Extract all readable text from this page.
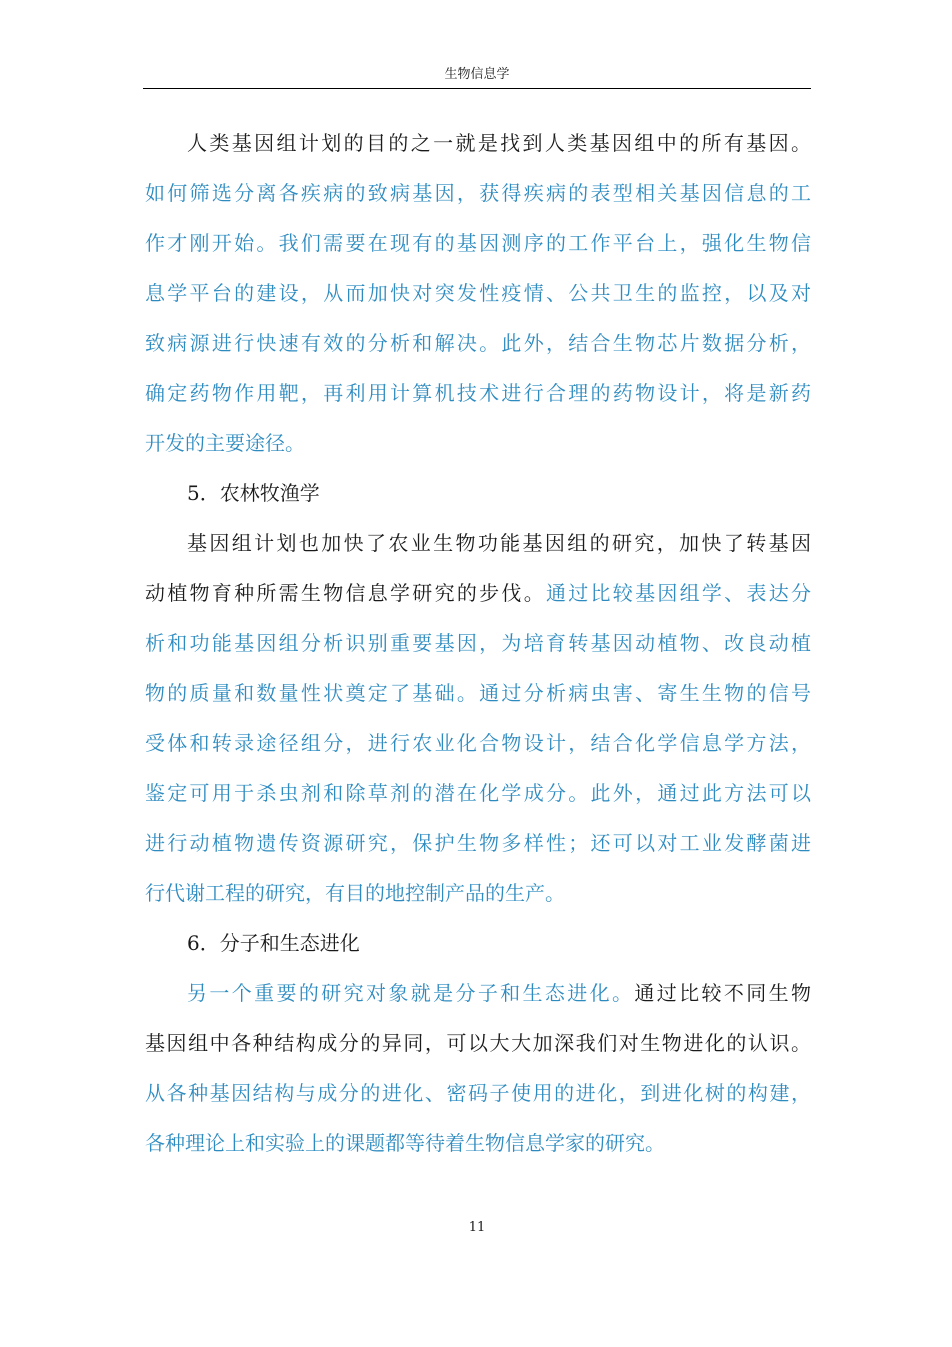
生物信息学
人类基因组计划的目的之一就是找到人类基因组中的所有基因。
如何筛选分离各疾病的致病基因，获得疾病的表型相关基因信息的工
作才刚开始。我们需要在现有的基因测序的工作平台上，强化生物信
息学平台的建设，从而加快对突发性疫情、公共卫生的监控，以及对
致病源进行快速有效的分析和解决。此外，结合生物芯片数据分析，
确定药物作用靶，再利用计算机技术进行合理的药物设计，将是新药
开发的主要途径。
5．农林牧渔学
基因组计划也加快了农业生物功能基因组的研究，加快了转基因
动植物育种所需生物信息学研究的步伐。通过比较基因组学、表达分
析和功能基因组分析识别重要基因，为培育转基因动植物、改良动植
物的质量和数量性状奠定了基础。通过分析病虫害、寄生生物的信号
受体和转录途径组分，进行农业化合物设计，结合化学信息学方法，
鉴定可用于杀虫剂和除草剂的潜在化学成分。此外，通过此方法可以
进行动植物遗传资源研究，保护生物多样性；还可以对工业发酵菌进
行代谢工程的研究，有目的地控制产品的生产。
6．分子和生态进化
另一个重要的研究对象就是分子和生态进化。通过比较不同生物
基因组中各种结构成分的异同，可以大大加深我们对生物进化的认识。
从各种基因结构与成分的进化、密码子使用的进化，到进化树的构建，
各种理论上和实验上的课题都等待着生物信息学家的研究。
11
